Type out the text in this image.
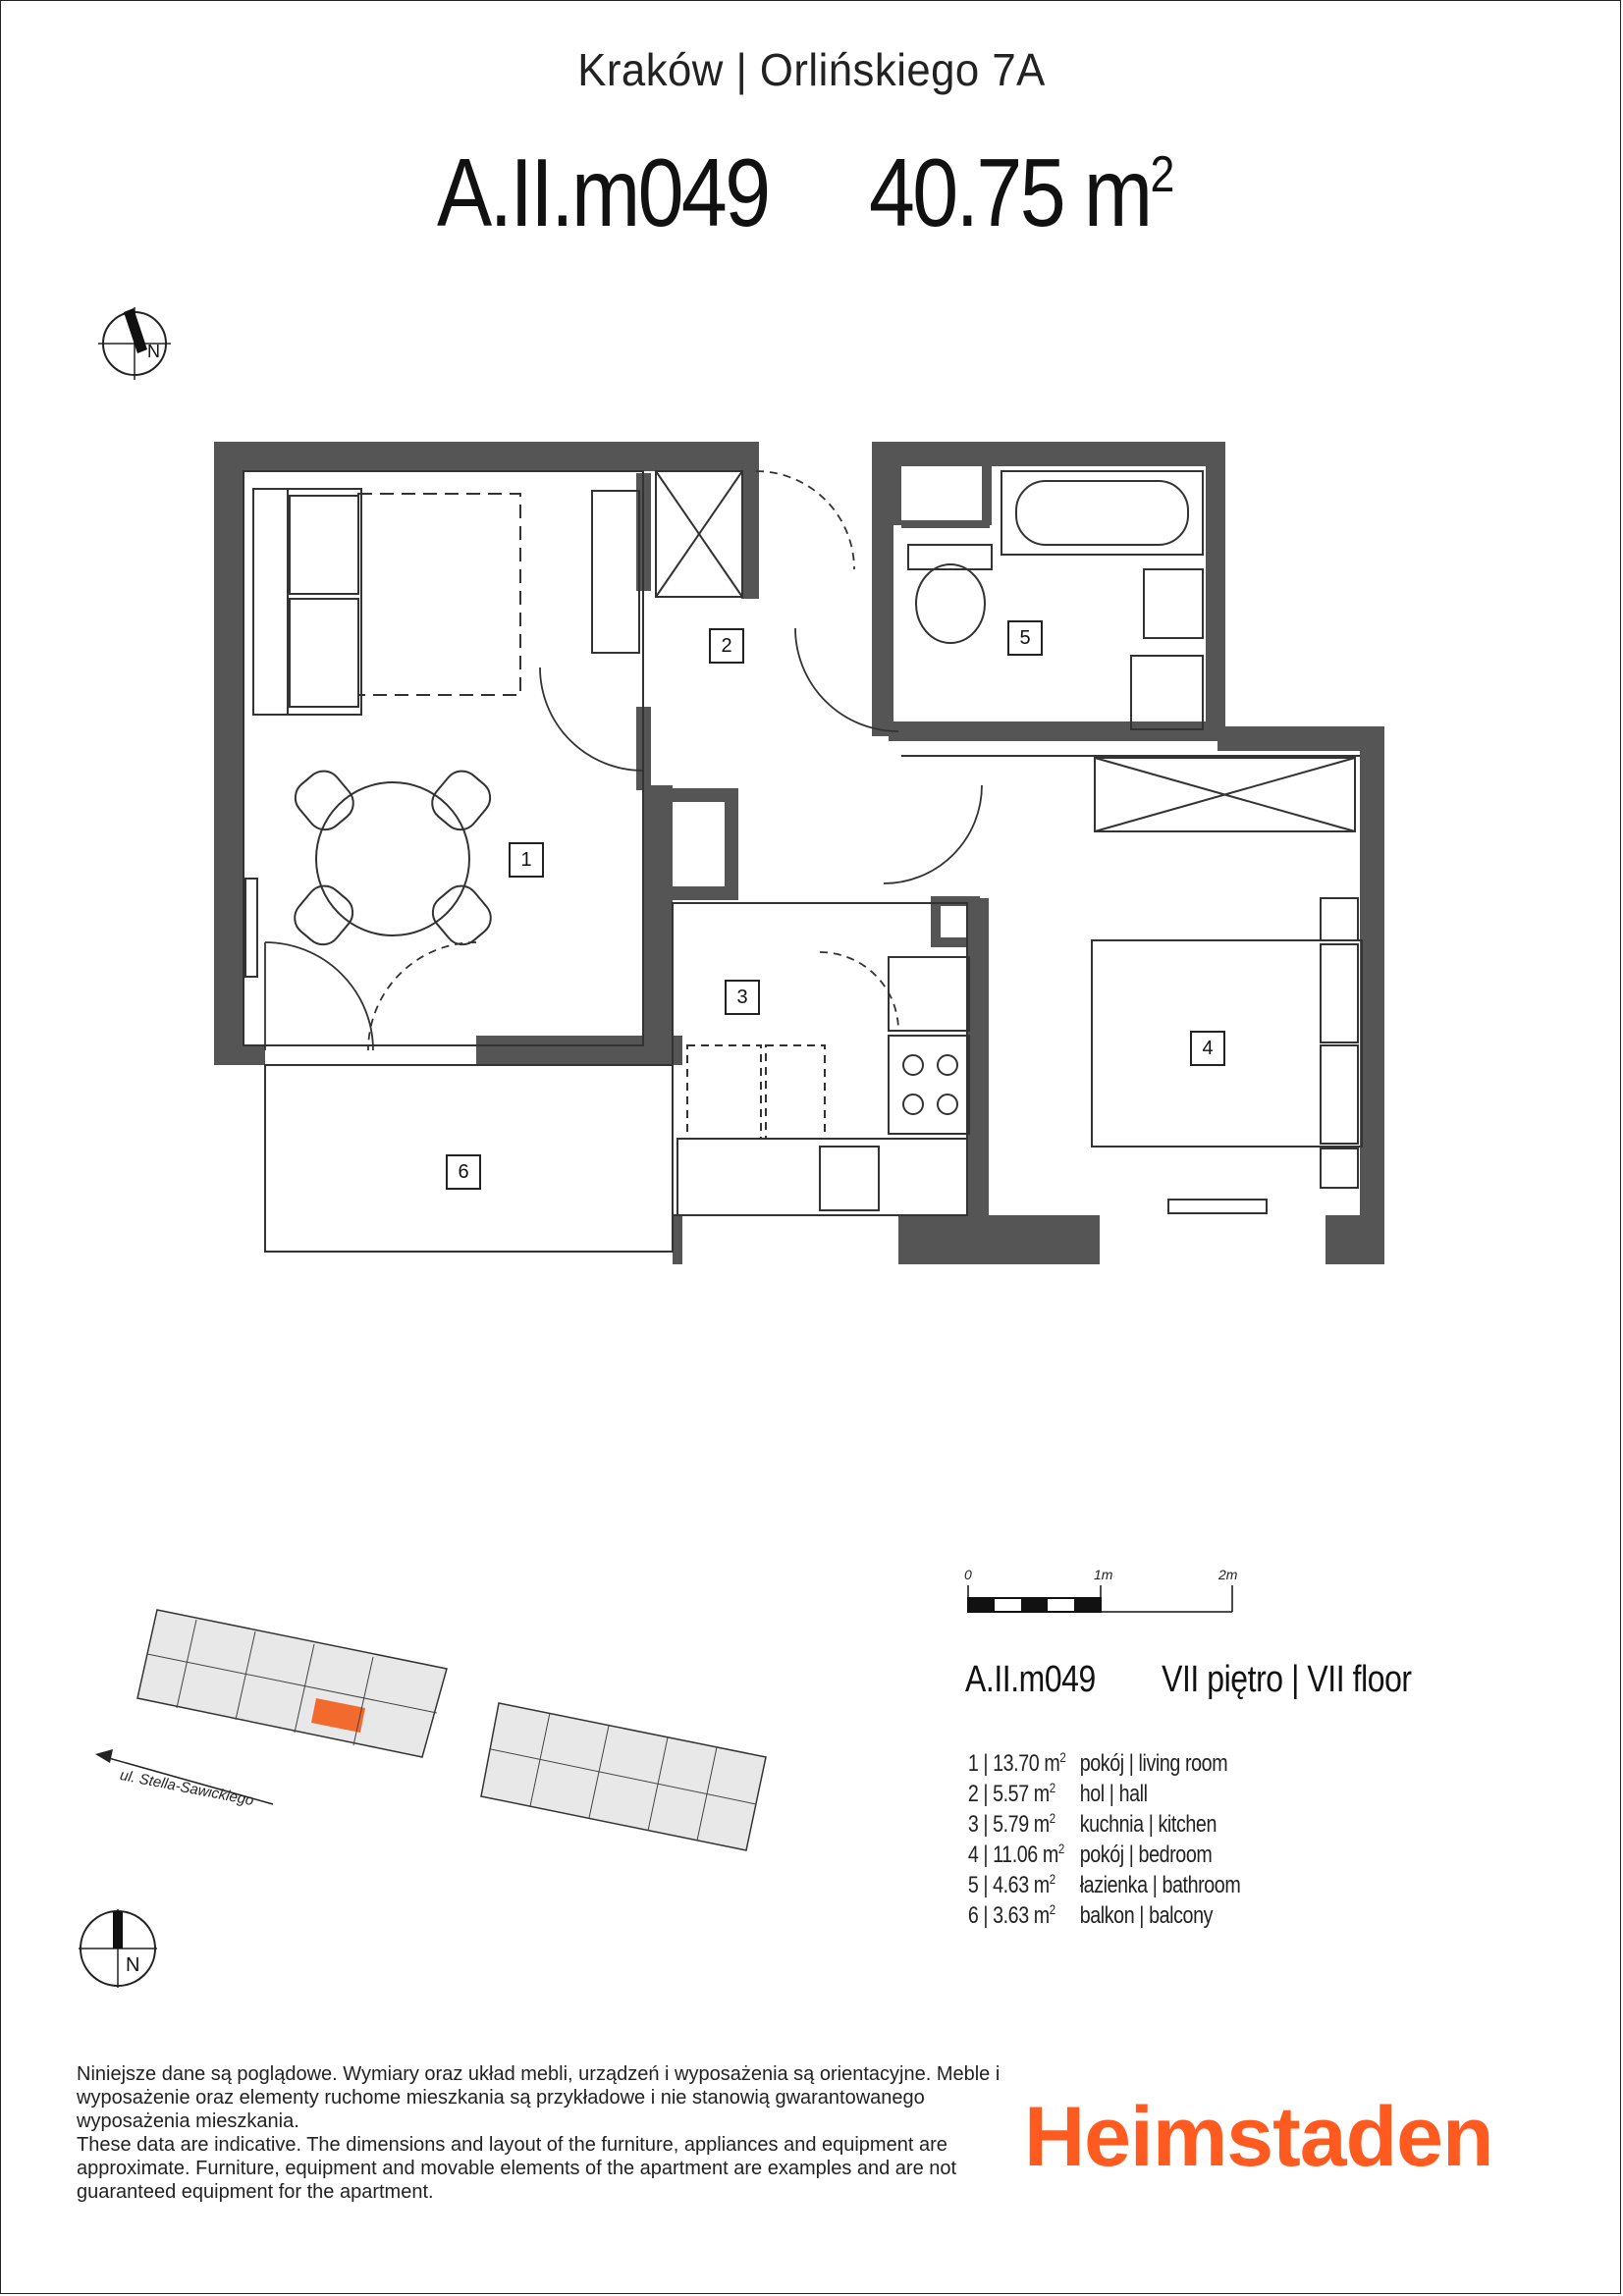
Kraków | Orlińskiego 7A
A.II.m049 40.75 $m^2$
N
N
1
2
3
4
5
6
0	1m	2m
ul. Stella-Sawickiego
A.II.m049 VII piętro | VII floor
1 | 13.70 $m^2$ pokój | living room
2 | 5.57 $m^2$	hol | hall
3 | 5.79 $m^2$	kuchnia | kitchen
4 | 11.06 $m^2$ pokój | bedroom
5 | 4.63 $m^2$	łazienka | bathroom
6 | 3.63 $m^2$	balkon | balcony

Niniejsze dane są poglądowe. Wymiary oraz układ mebli, urządzeń i wyposażenia są orientacyjne. Meble i wyposażenie oraz elementy ruchome mieszkania są przykładowe i nie stanowią gwarantowanego wyposażenia mieszkania.

These data are indicative. The dimensions and layout of the furniture, appliances and equipment are approximate. Furniture, equipment and movable elements of the apartment are examples and are not guaranteed equipment for the apartment.

Heimstaden
